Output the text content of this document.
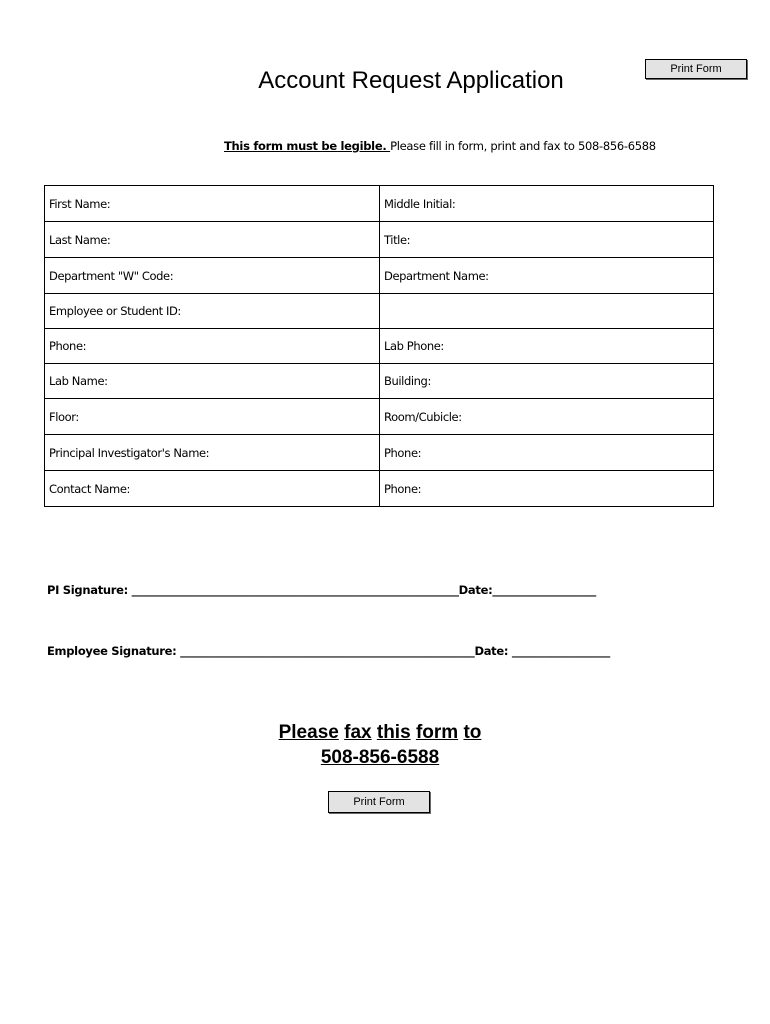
Print Form
Account Request Application
This form must be legible. Please fill in form, print and fax to 508-856-6588
First Name:	Middle Initial:
Last Name:	Title:
Department "W" Code:	Department Name:
Employee or Student ID:	
Phone:	Lab Phone:
Lab Name:	Building:
Floor:	Room/Cubicle:
Principal Investigator's Name:	Phone:
Contact Name:	Phone:
PI Signature: ____________________________________________________________Date:___________________
Employee Signature: ______________________________________________________Date: __________________
Please fax this form to
508-856-6588
Print Form
